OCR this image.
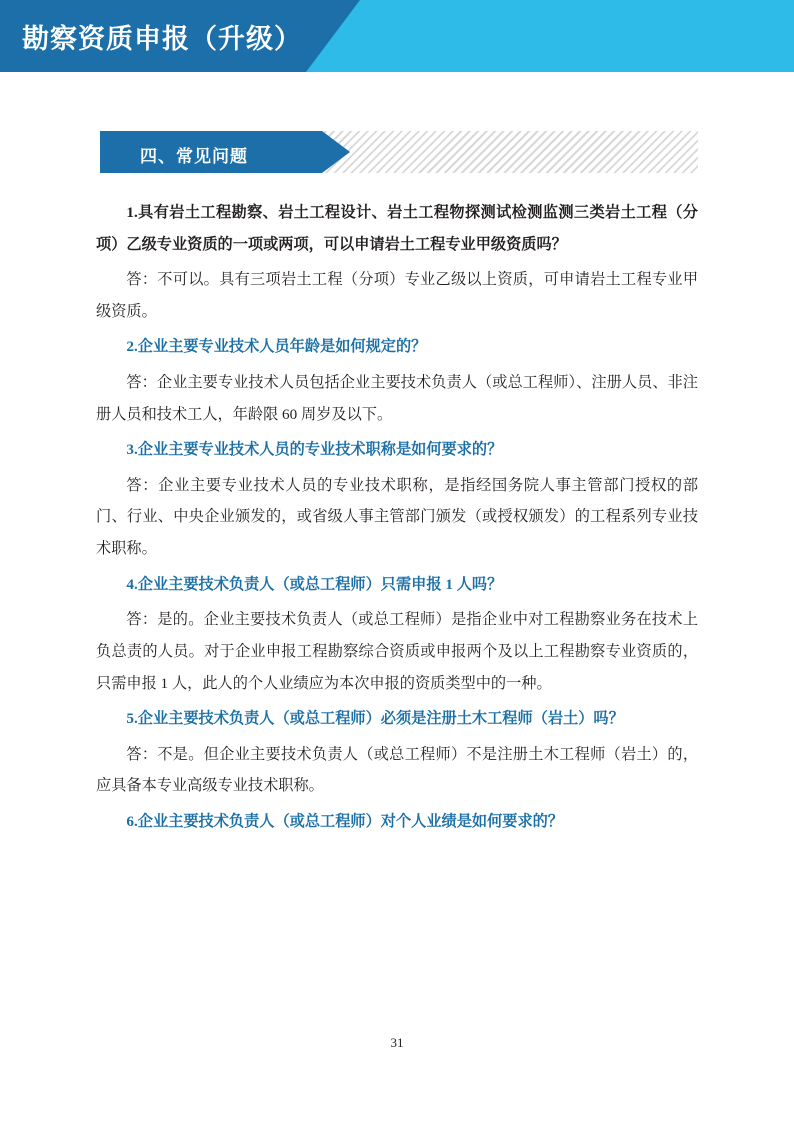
勘察资质申报（升级）
四、常见问题

1.具有岩土工程勘察、岩土工程设计、岩土工程物探测试检测监测三类岩土工程（分项）乙级专业资质的一项或两项，可以申请岩土工程专业甲级资质吗？

答：不可以。具有三项岩土工程（分项）专业乙级以上资质，可申请岩土工程专业甲级资质。

2.企业主要专业技术人员年龄是如何规定的？

答：企业主要专业技术人员包括企业主要技术负责人（或总工程师）、注册人员、非注册人员和技术工人，年龄限 60 周岁及以下。

3.企业主要专业技术人员的专业技术职称是如何要求的？

答：企业主要专业技术人员的专业技术职称，是指经国务院人事主管部门授权的部门、行业、中央企业颁发的，或省级人事主管部门颁发（或授权颁发）的工程系列专业技术职称。

4.企业主要技术负责人（或总工程师）只需申报 1 人吗？

答：是的。企业主要技术负责人（或总工程师）是指企业中对工程勘察业务在技术上负总责的人员。对于企业申报工程勘察综合资质或申报两个及以上工程勘察专业资质的，只需申报 1 人，此人的个人业绩应为本次申报的资质类型中的一种。

5.企业主要技术负责人（或总工程师）必须是注册土木工程师（岩土）吗？

答：不是。但企业主要技术负责人（或总工程师）不是注册土木工程师（岩土）的，应具备本专业高级专业技术职称。

6.企业主要技术负责人（或总工程师）对个人业绩是如何要求的？

31
